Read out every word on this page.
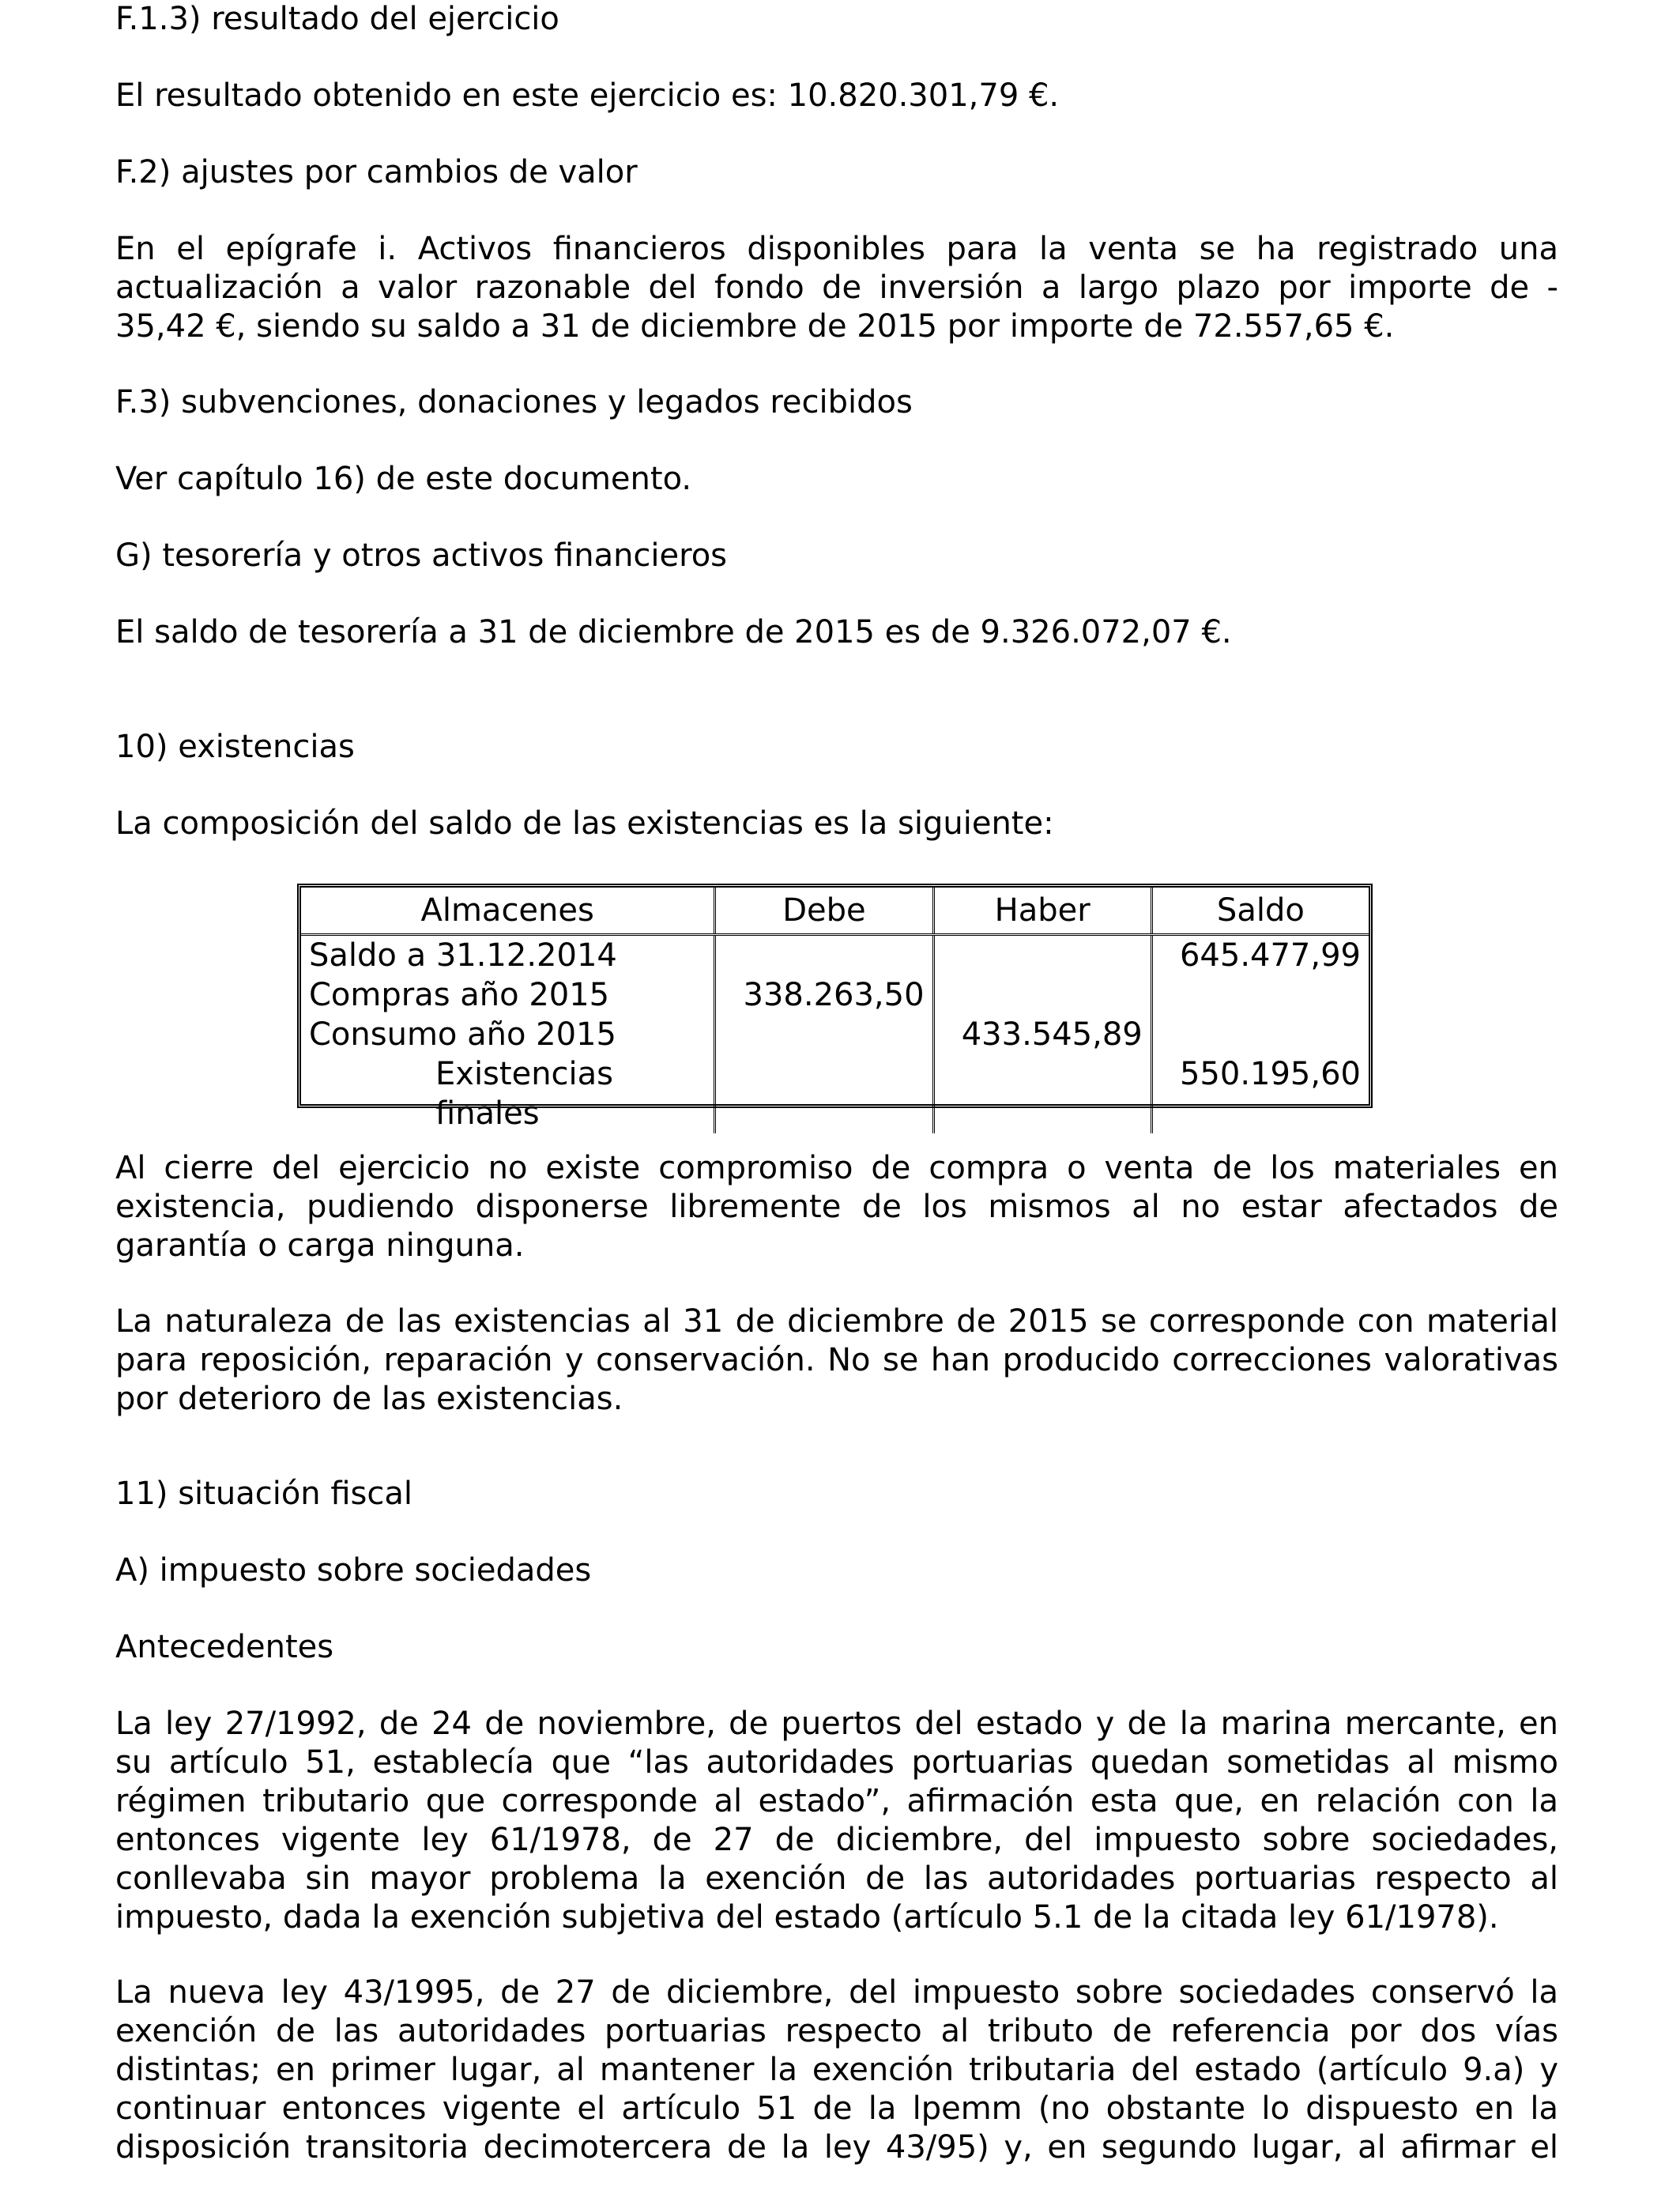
F.1.3) resultado del ejercicio

El resultado obtenido en este ejercicio es: 10.820.301,79 €.

F.2) ajustes por cambios de valor

En el epígrafe i. Activos financieros disponibles para la venta se ha registrado una
actualización a valor razonable del fondo de inversión a largo plazo por importe de -
35,42 €, siendo su saldo a 31 de diciembre de 2015 por importe de 72.557,65 €.

F.3) subvenciones, donaciones y legados recibidos

Ver capítulo 16) de este documento.

G) tesorería y otros activos financieros

El saldo de tesorería a 31 de diciembre de 2015 es de 9.326.072,07 €.

10) existencias

La composición del saldo de las existencias es la siguiente:

Al cierre del ejercicio no existe compromiso de compra o venta de los materiales en
existencia, pudiendo disponerse libremente de los mismos al no estar afectados de
garantía o carga ninguna.
La naturaleza de las existencias al 31 de diciembre de 2015 se corresponde con material
para reposición, reparación y conservación. No se han producido correcciones valorativas
por deterioro de las existencias.

11) situación fiscal

A) impuesto sobre sociedades

Antecedentes

La ley 27/1992, de 24 de noviembre, de puertos del estado y de la marina mercante, en
su artículo 51, establecía que “las autoridades portuarias quedan sometidas al mismo
régimen tributario que corresponde al estado”, afirmación esta que, en relación con la
entonces vigente ley 61/1978, de 27 de diciembre, del impuesto sobre sociedades,
conllevaba sin mayor problema la exención de las autoridades portuarias respecto al
impuesto, dada la exención subjetiva del estado (artículo 5.1 de la citada ley 61/1978).
La nueva ley 43/1995, de 27 de diciembre, del impuesto sobre sociedades conservó la
exención de las autoridades portuarias respecto al tributo de referencia por dos vías
distintas; en primer lugar, al mantener la exención tributaria del estado (artículo 9.a) y
continuar entonces vigente el artículo 51 de la lpemm (no obstante lo dispuesto en la
disposición transitoria decimotercera de la ley 43/95) y, en segundo lugar, al afirmar el
Almacenes	Debe	Haber	Saldo
Saldo a 31.12.2014			645.477,99
Compras año 2015	338.263,50		
Consumo año 2015		433.545,89	
Existencias finales			550.195,60
